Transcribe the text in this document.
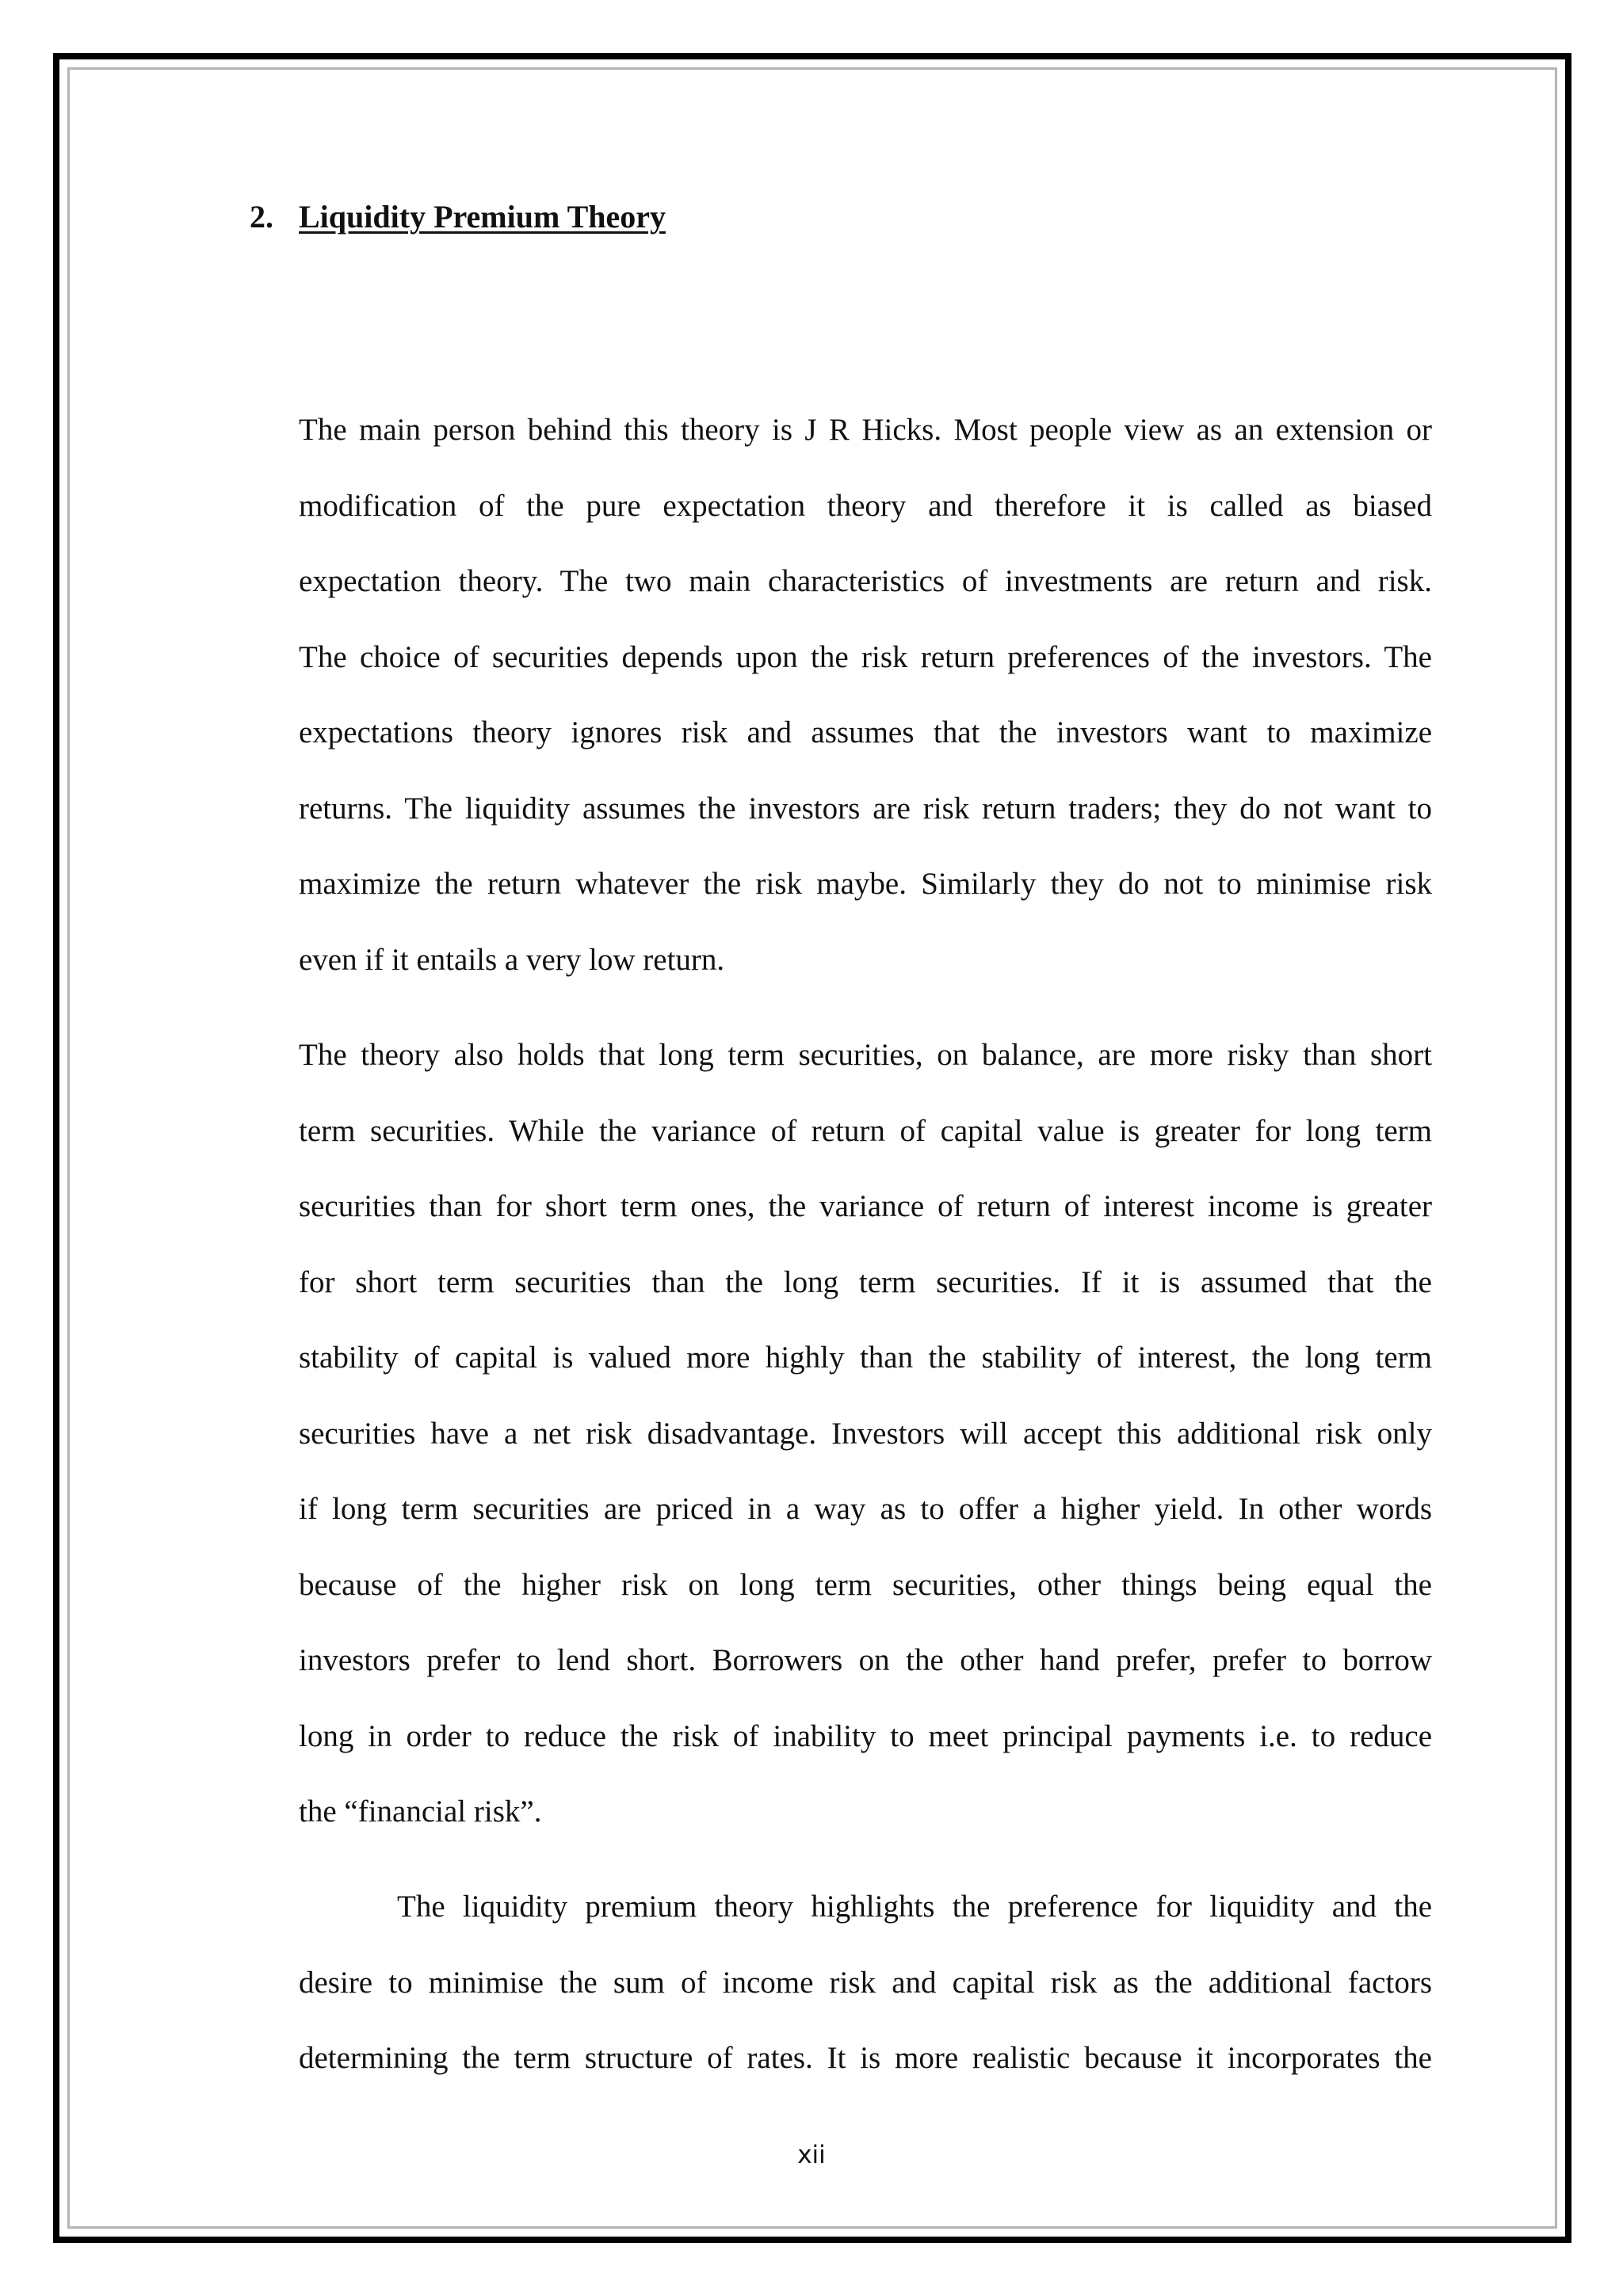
2. Liquidity Premium Theory
The main person behind this theory is J R Hicks. Most people view as an extension or
modification of the pure expectation theory and therefore it is called as biased
expectation theory. The two main characteristics of investments are return and risk.
The choice of securities depends upon the risk return preferences of the investors. The
expectations theory ignores risk and assumes that the investors want to maximize
returns. The liquidity assumes the investors are risk return traders; they do not want to
maximize the return whatever the risk maybe. Similarly they do not to minimise risk
even if it entails a very low return.
The theory also holds that long term securities, on balance, are more risky than short
term securities. While the variance of return of capital value is greater for long term
securities than for short term ones, the variance of return of interest income is greater
for short term securities than the long term securities. If it is assumed that the
stability of capital is valued more highly than the stability of interest, the long term
securities have a net risk disadvantage. Investors will accept this additional risk only
if long term securities are priced in a way as to offer a higher yield. In other words
because of the higher risk on long term securities, other things being equal the
investors prefer to lend short. Borrowers on the other hand prefer, prefer to borrow
long in order to reduce the risk of inability to meet principal payments i.e. to reduce
the “financial risk”.
The liquidity premium theory highlights the preference for liquidity and the
desire to minimise the sum of income risk and capital risk as the additional factors
determining the term structure of rates. It is more realistic because it incorporates the
xii
